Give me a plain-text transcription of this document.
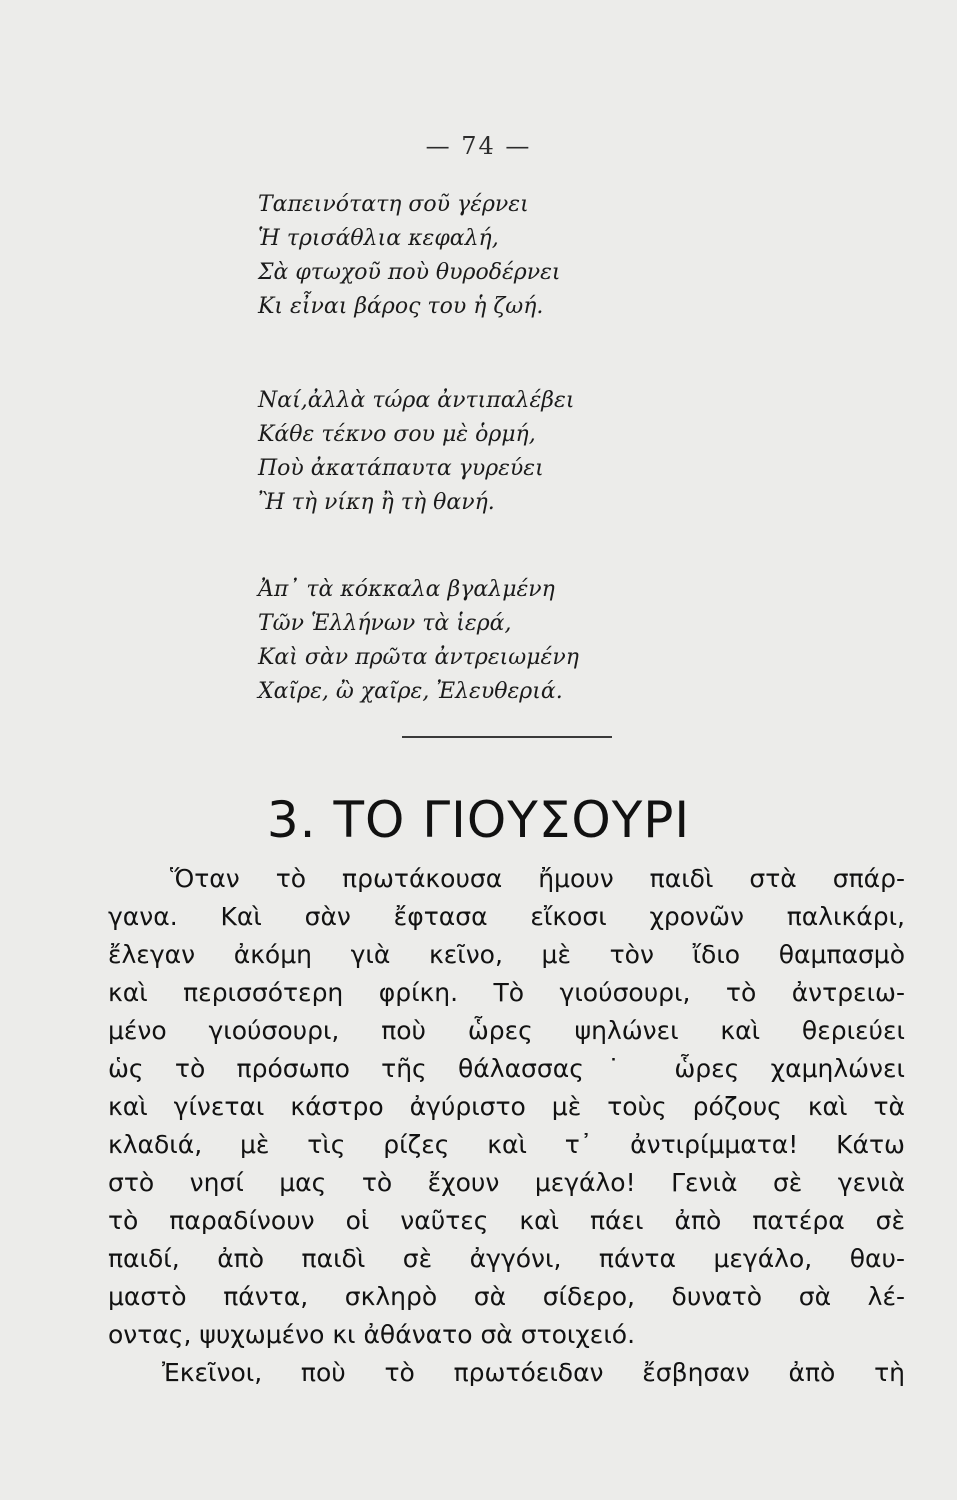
— 74 —
Ταπεινότατη σοῦ γέρνει
Ἡ τρισάθλια κεφαλή,
Σὰ φτωχοῦ ποὺ θυροδέρνει
Κι εἶναι βάρος του ἡ ζωή.
Ναί,ἀλλὰ τώρα ἀντιπαλέβει
Κάθε τέκνο σου μὲ ὁρμή,
Ποὺ ἀκατάπαυτα γυρεύει
Ἢ τὴ νίκη ἢ τὴ θανή.
Ἀπ᾽ τὰ κόκκαλα βγαλμένη
Τῶν Ἑλλήνων τὰ ἱερά,
Καὶ σὰν πρῶτα ἀντρειωμένη
Χαῖρε, ὢ χαῖρε, Ἐλευθεριά.
3. ΤΟ ΓΙΟΥΣΟΥΡΙ
Ὅταν τὸ πρωτάκουσα ἤμουν παιδὶ στὰ σπάρ-
γανα. Καὶ σὰν ἔφτασα εἴκοσι χρονῶν παλικάρι,
ἔλεγαν ἀκόμη γιὰ κεῖνο, μὲ τὸν ἴδιο θαμπασμὸ
καὶ περισσότερη φρίκη. Τὸ γιούσουρι, τὸ ἀντρειω-
μένο γιούσουρι, ποὺ ὧρες ψηλώνει καὶ θεριεύει
ὡς τὸ πρόσωπο τῆς θάλασσας˙ ὧρες χαμηλώνει
καὶ γίνεται κάστρο ἀγύριστο μὲ τοὺς ρόζους καὶ τὰ
κλαδιά, μὲ τὶς ρίζες καὶ τ᾽ ἀντιρίμματα! Κάτω
στὸ νησί μας τὸ ἔχουν μεγάλο! Γενιὰ σὲ γενιὰ
τὸ παραδίνουν οἱ ναῦτες καὶ πάει ἀπὸ πατέρα σὲ
παιδί, ἀπὸ παιδὶ σὲ ἀγγόνι, πάντα μεγάλο, θαυ-
μαστὸ πάντα, σκληρὸ σὰ σίδερο, δυνατὸ σὰ λέ-
οντας, ψυχωμένο κι ἀθάνατο σὰ στοιχειό.
Ἐκεῖνοι, ποὺ τὸ πρωτόειδαν ἔσβησαν ἀπὸ τὴ
